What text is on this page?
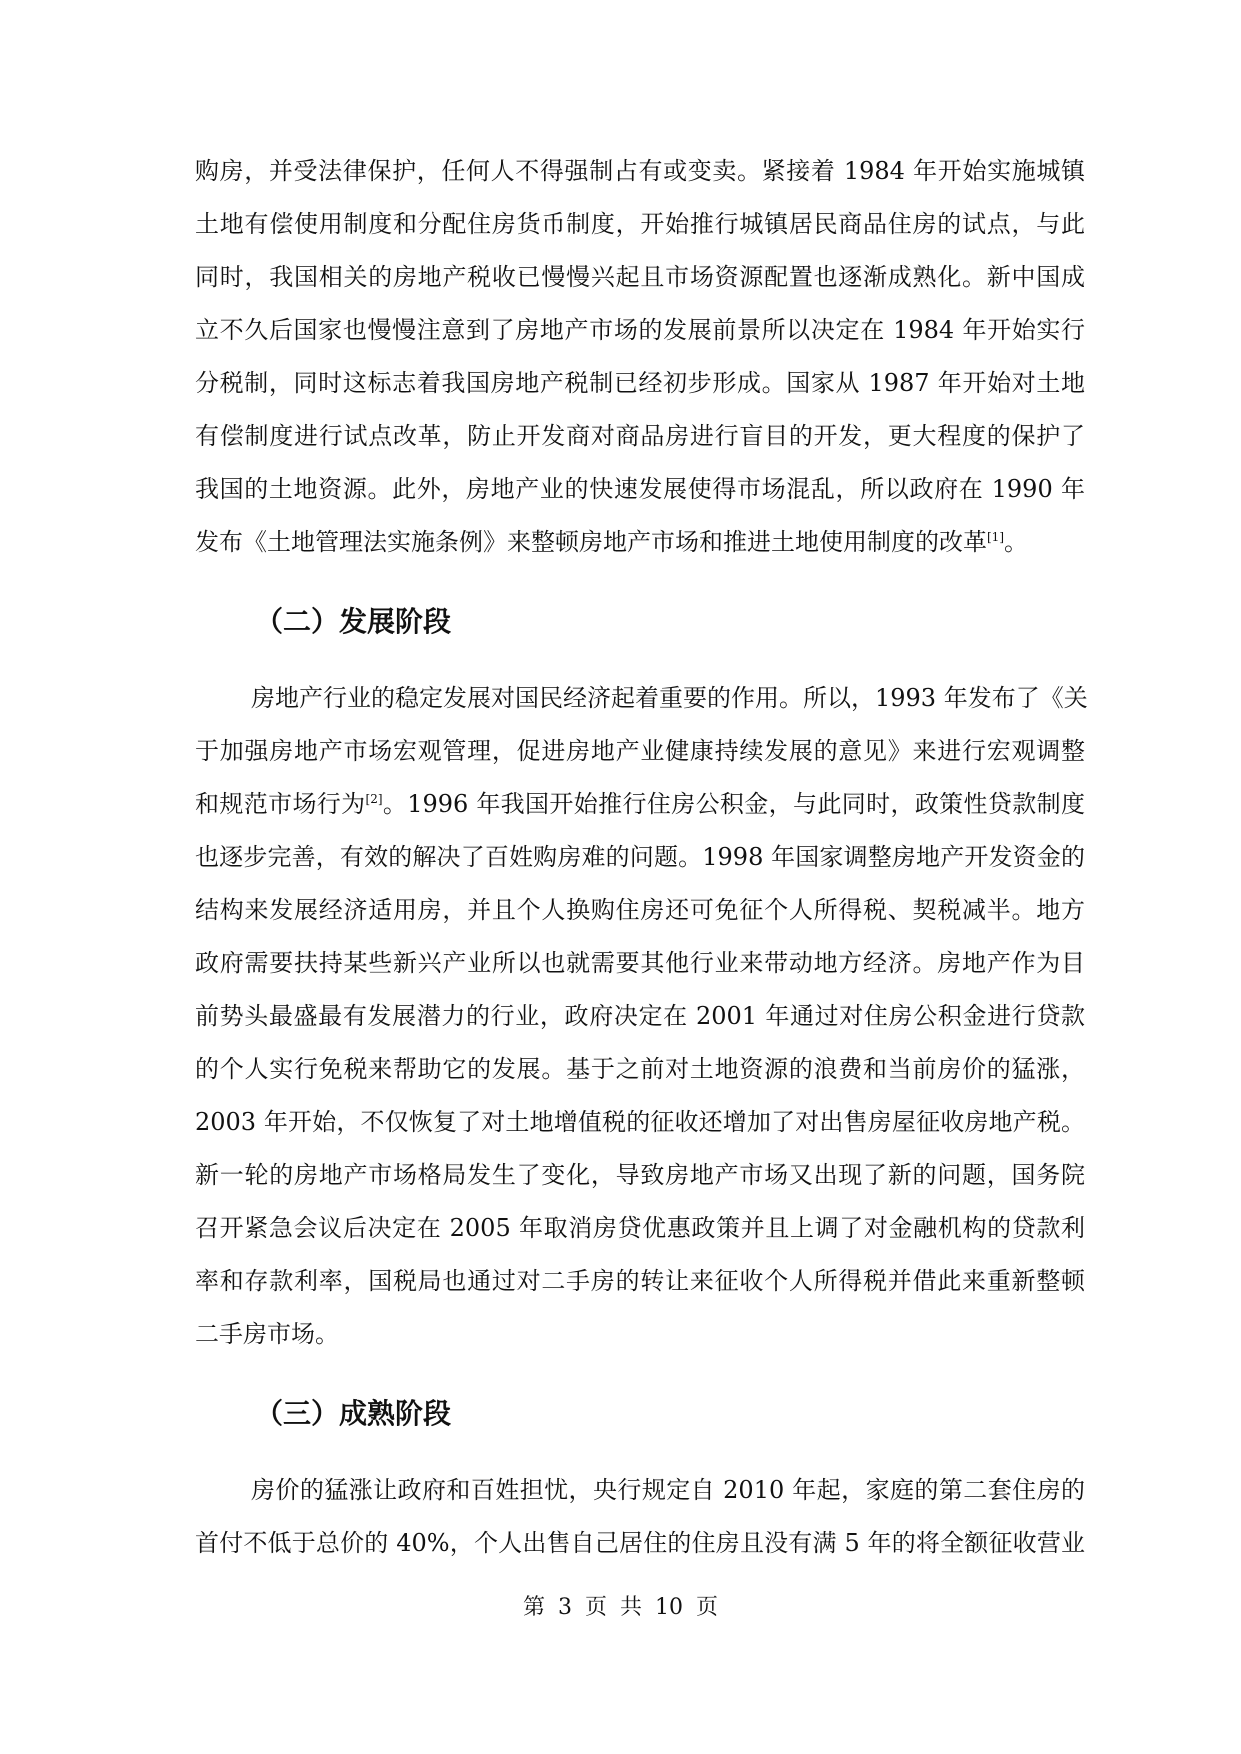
购房，并受法律保护，任何人不得强制占有或变卖。紧接着 1984 年开始实施城镇
土地有偿使用制度和分配住房货币制度，开始推行城镇居民商品住房的试点，与此
同时，我国相关的房地产税收已慢慢兴起且市场资源配置也逐渐成熟化。新中国成
立不久后国家也慢慢注意到了房地产市场的发展前景所以决定在 1984 年开始实行
分税制，同时这标志着我国房地产税制已经初步形成。国家从 1987 年开始对土地
有偿制度进行试点改革，防止开发商对商品房进行盲目的开发，更大程度的保护了
我国的土地资源。此外，房地产业的快速发展使得市场混乱，所以政府在 1990 年
发布《土地管理法实施条例》来整顿房地产市场和推进土地使用制度的改革[1]。
（二）发展阶段
房地产行业的稳定发展对国民经济起着重要的作用。所以，1993 年发布了《关
于加强房地产市场宏观管理，促进房地产业健康持续发展的意见》来进行宏观调整
和规范市场行为[2]。1996 年我国开始推行住房公积金，与此同时，政策性贷款制度
也逐步完善，有效的解决了百姓购房难的问题。1998 年国家调整房地产开发资金的
结构来发展经济适用房，并且个人换购住房还可免征个人所得税、契税减半。地方
政府需要扶持某些新兴产业所以也就需要其他行业来带动地方经济。房地产作为目
前势头最盛最有发展潜力的行业，政府决定在 2001 年通过对住房公积金进行贷款
的个人实行免税来帮助它的发展。基于之前对土地资源的浪费和当前房价的猛涨，
2003 年开始，不仅恢复了对土地增值税的征收还增加了对出售房屋征收房地产税。
新一轮的房地产市场格局发生了变化，导致房地产市场又出现了新的问题，国务院
召开紧急会议后决定在 2005 年取消房贷优惠政策并且上调了对金融机构的贷款利
率和存款利率，国税局也通过对二手房的转让来征收个人所得税并借此来重新整顿
二手房市场。
（三）成熟阶段
房价的猛涨让政府和百姓担忧，央行规定自 2010 年起，家庭的第二套住房的
首付不低于总价的 40%，个人出售自己居住的住房且没有满 5 年的将全额征收营业
第 3 页 共 10 页
